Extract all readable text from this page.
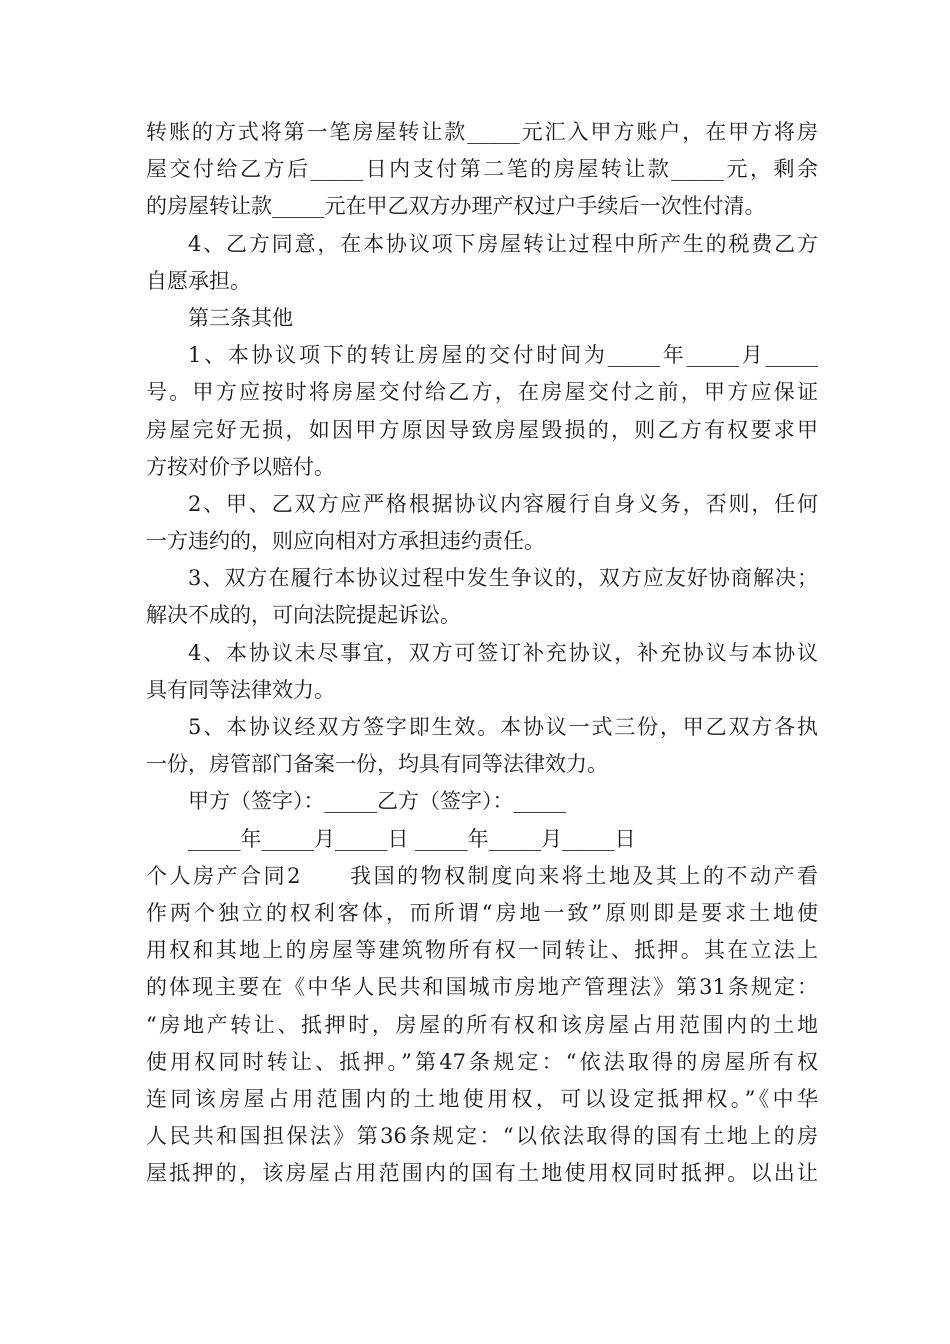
转账的方式将第一笔房屋转让款_____元汇入甲方账户，在甲方将房
屋交付给乙方后_____日内支付第二笔的房屋转让款_____元，剩余
的房屋转让款_____元在甲乙双方办理产权过户手续后一次性付清。
4、乙方同意，在本协议项下房屋转让过程中所产生的税费乙方
自愿承担。
第三条其他
1、本协议项下的转让房屋的交付时间为_____年_____月_____
号。甲方应按时将房屋交付给乙方，在房屋交付之前，甲方应保证
房屋完好无损，如因甲方原因导致房屋毁损的，则乙方有权要求甲
方按对价予以赔付。
2、甲、乙双方应严格根据协议内容履行自身义务，否则，任何
一方违约的，则应向相对方承担违约责任。
3、双方在履行本协议过程中发生争议的，双方应友好协商解决；
解决不成的，可向法院提起诉讼。
4、本协议未尽事宜，双方可签订补充协议，补充协议与本协议
具有同等法律效力。
5、本协议经双方签字即生效。本协议一式三份，甲乙双方各执
一份，房管部门备案一份，均具有同等法律效力。
甲方（签字）：_____乙方（签字）：_____
_____年_____月_____日 _____年_____月_____日
个人房产合同2　　我国的物权制度向来将土地及其上的不动产看
作两个独立的权利客体，而所谓“房地一致”原则即是要求土地使
用权和其地上的房屋等建筑物所有权一同转让、抵押。其在立法上
的体现主要在《中华人民共和国城市房地产管理法》第31条规定：
“房地产转让、抵押时，房屋的所有权和该房屋占用范围内的土地
使用权同时转让、抵押。”第47条规定：“依法取得的房屋所有权
连同该房屋占用范围内的土地使用权，可以设定抵押权。”《中华
人民共和国担保法》第36条规定：“以依法取得的国有土地上的房
屋抵押的，该房屋占用范围内的国有土地使用权同时抵押。以出让
